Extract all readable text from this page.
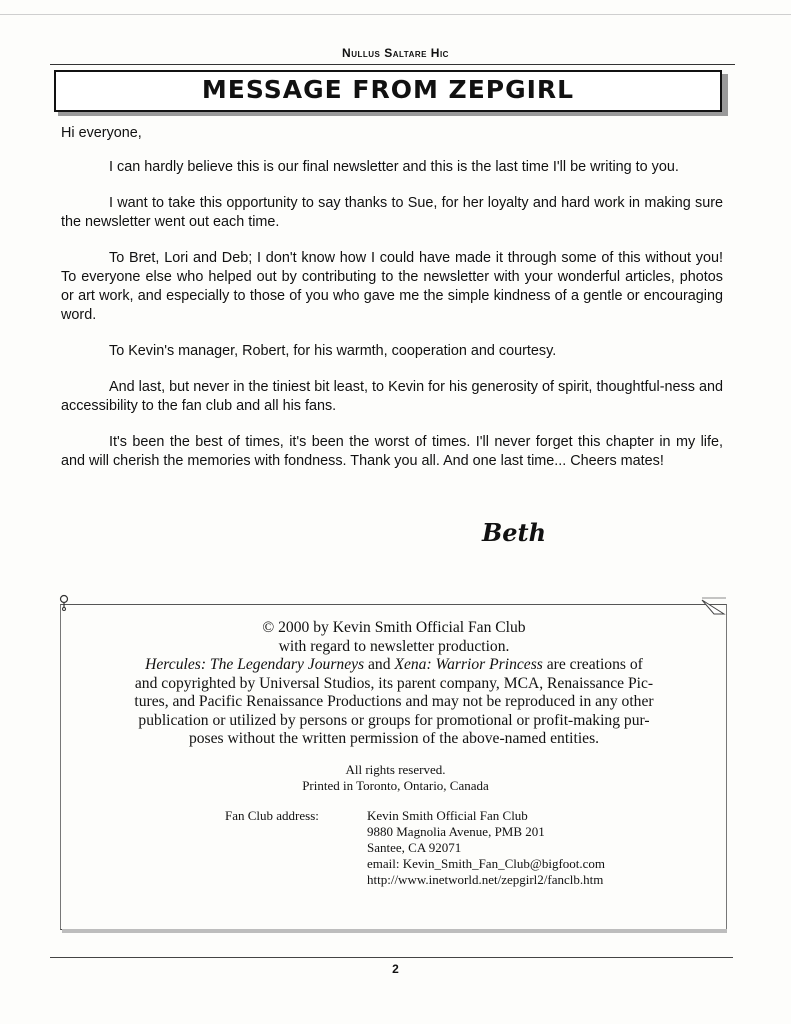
Nullus Saltare Hic
MESSAGE FROM ZEPGIRL

Hi everyone,

I can hardly believe this is our final newsletter and this is the last time I'll be writing to you.

I want to take this opportunity to say thanks to Sue, for her loyalty and hard work in making sure the newsletter went out each time.

To Bret, Lori and Deb; I don't know how I could have made it through some of this without you! To everyone else who helped out by contributing to the newsletter with your wonderful articles, photos or art work, and especially to those of you who gave me the simple kindness of a gentle or encouraging word.

To Kevin's manager, Robert, for his warmth, cooperation and courtesy.

And last, but never in the tiniest bit least, to Kevin for his generosity of spirit, thoughtful-ness and accessibility to the fan club and all his fans.

It's been the best of times, it's been the worst of times. I'll never forget this chapter in my life, and will cherish the memories with fondness. Thank you all. And one last time... Cheers mates!

Beth
© 2000 by Kevin Smith Official Fan Club
with regard to newsletter production.
Hercules: The Legendary Journeys and Xena: Warrior Princess are creations of
and copyrighted by Universal Studios, its parent company, MCA, Renaissance Pic-
tures, and Pacific Renaissance Productions and may not be reproduced in any other
publication or utilized by persons or groups for promotional or profit-making pur-
poses without the written permission of the above-named entities.
All rights reserved.
Printed in Toronto, Ontario, Canada
Fan Club address:	Kevin Smith Official Fan Club
9880 Magnolia Avenue, PMB 201
Santee, CA 92071
email: Kevin_Smith_Fan_Club@bigfoot.com
http://www.inetworld.net/zepgirl2/fanclb.htm
2
